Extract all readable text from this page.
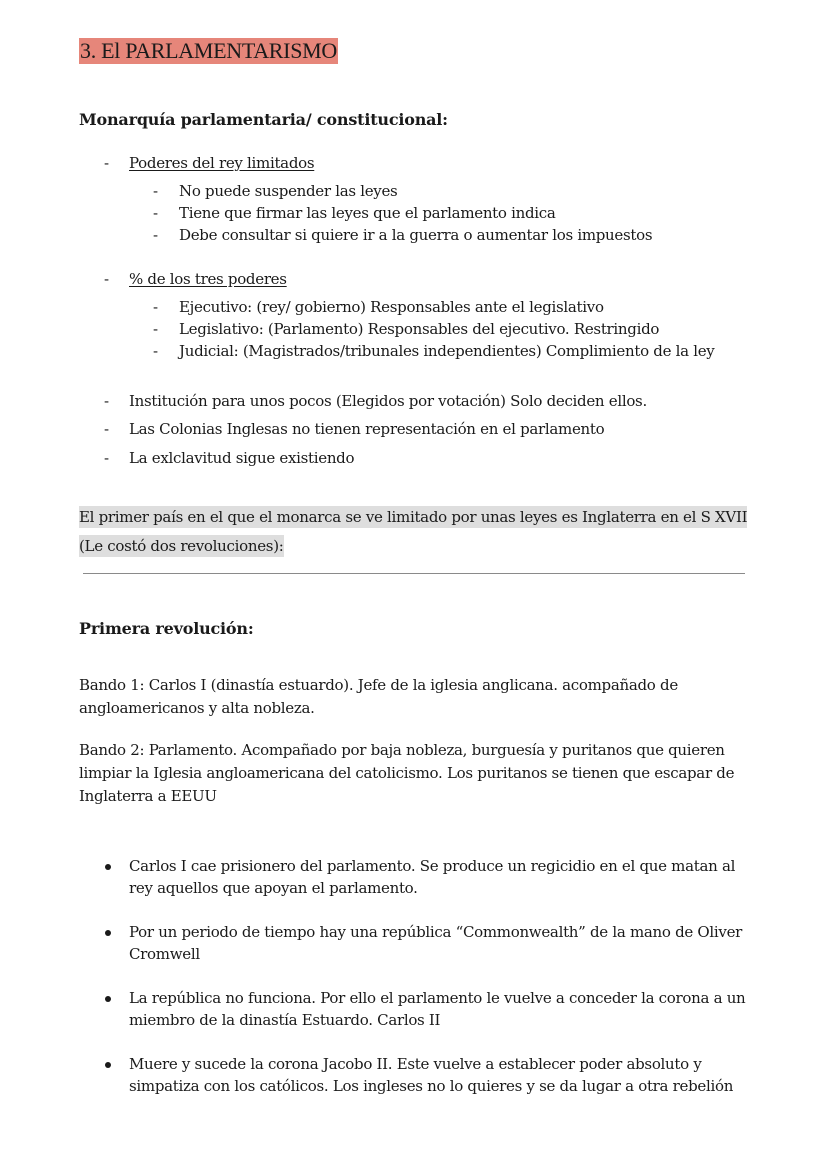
3. El PARLAMENTARISMO
Monarquía parlamentaria/ constitucional:
- Poderes del rey limitados
- No puede suspender las leyes
- Tiene que firmar las leyes que el parlamento indica
- Debe consultar si quiere ir a la guerra o aumentar los impuestos
- % de los tres poderes
- Ejecutivo: (rey/ gobierno) Responsables ante el legislativo
- Legislativo: (Parlamento) Responsables del ejecutivo. Restringido
- Judicial: (Magistrados/tribunales independientes) Complimiento de la ley
- Institución para unos pocos (Elegidos por votación) Solo deciden ellos.
- Las Colonias Inglesas no tienen representación en el parlamento
- La exlclavitud sigue existiendo
El primer país en el que el monarca se ve limitado por unas leyes es Inglaterra en el S XVII
(Le costó dos revoluciones):
Primera revolución:
Bando 1: Carlos I (dinastía estuardo). Jefe de la iglesia anglicana. acompañado de angloamericanos y alta nobleza.
Bando 2: Parlamento. Acompañado por baja nobleza, burguesía y puritanos que quieren limpiar la Iglesia angloamericana del catolicismo. Los puritanos se tienen que escapar de Inglaterra a EEUU
Carlos I cae prisionero del parlamento. Se produce un regicidio en el que matan al rey aquellos que apoyan el parlamento.
Por un periodo de tiempo hay una república “Commonwealth” de la mano de Oliver Cromwell
La república no funciona. Por ello el parlamento le vuelve a conceder la corona a un miembro de la dinastía Estuardo. Carlos II
Muere y sucede la corona Jacobo II. Este vuelve a establecer poder absoluto y simpatiza con los católicos. Los ingleses no lo quieres y se da lugar a otra rebelión
